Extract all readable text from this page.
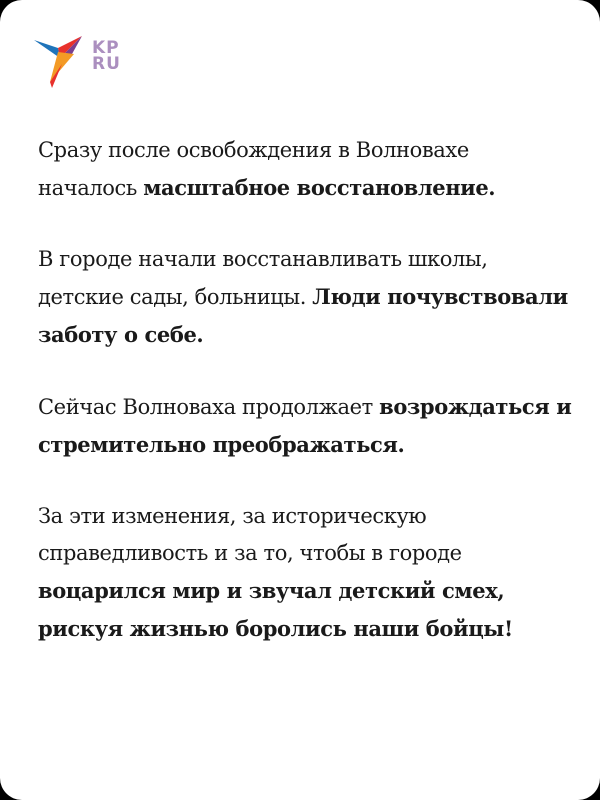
KP
RU

Сразу после освобождения в Волновахе началось масштабное восстановление.

В городе начали восстанавливать школы, детские сады, больницы. Люди почувствовали заботу о себе.

Сейчас Волноваха продолжает возрождаться и стремительно преображаться.

За эти изменения, за историческую справедливость и за то, чтобы в городе воцарился мир и звучал детский смех, рискуя жизнью боролись наши бойцы!
